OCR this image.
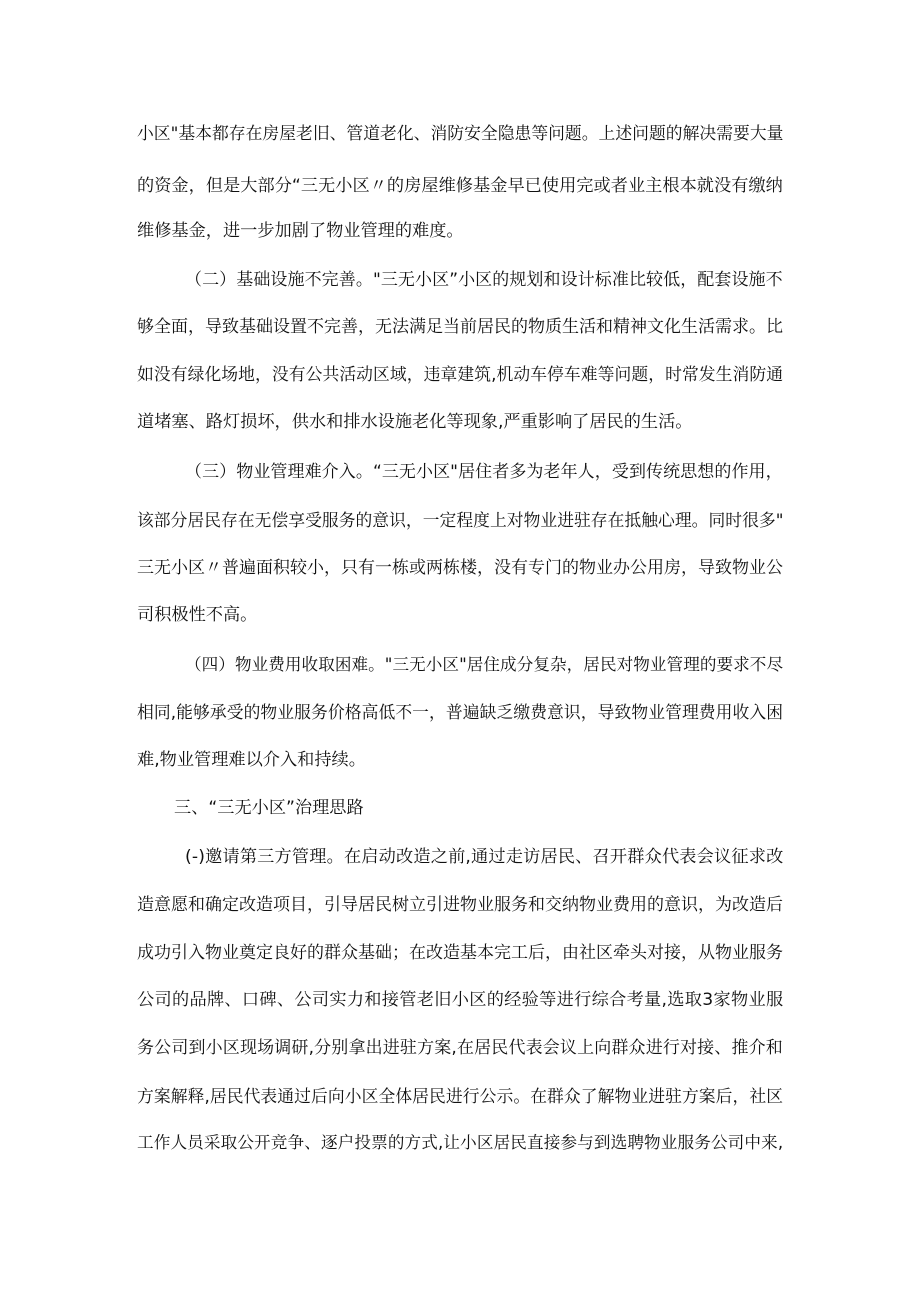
小区"基本都存在房屋老旧、管道老化、消防安全隐患等问题。上述问题的解决需要大量

的资金，但是大部分“三无小区〃的房屋维修基金早已使用完或者业主根本就没有缴纳

维修基金，进一步加剧了物业管理的难度。

（二）基础设施不完善。"三无小区”小区的规划和设计标准比较低，配套设施不

够全面，导致基础设置不完善，无法满足当前居民的物质生活和精神文化生活需求。比

如没有绿化场地，没有公共活动区域，违章建筑,机动车停车难等问题，时常发生消防通

道堵塞、路灯损坏，供水和排水设施老化等现象,严重影响了居民的生活。

（三）物业管理难介入。“三无小区"居住者多为老年人，受到传统思想的作用，

该部分居民存在无偿享受服务的意识，一定程度上对物业进驻存在抵触心理。同时很多"

三无小区〃普遍面积较小，只有一栋或两栋楼，没有专门的物业办公用房，导致物业公

司积极性不高。

（四）物业费用收取困难。"三无小区"居住成分复杂，居民对物业管理的要求不尽

相同,能够承受的物业服务价格高低不一，普遍缺乏缴费意识，导致物业管理费用收入困

难,物业管理难以介入和持续。

三、“三无小区”治理思路

(-)邀请第三方管理。在启动改造之前,通过走访居民、召开群众代表会议征求改

造意愿和确定改造项目，引导居民树立引进物业服务和交纳物业费用的意识，为改造后

成功引入物业奠定良好的群众基础；在改造基本完工后，由社区牵头对接，从物业服务

公司的品牌、口碑、公司实力和接管老旧小区的经验等进行综合考量,选取3家物业服

务公司到小区现场调研,分别拿出进驻方案,在居民代表会议上向群众进行对接、推介和

方案解释,居民代表通过后向小区全体居民进行公示。在群众了解物业进驻方案后，社区

工作人员采取公开竞争、逐户投票的方式,让小区居民直接参与到选聘物业服务公司中来,
